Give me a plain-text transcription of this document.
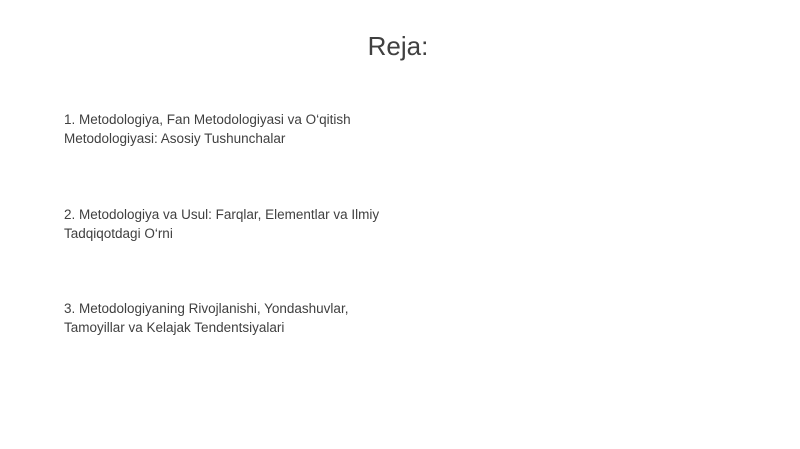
Reja:
1. Metodologiya, Fan Metodologiyasi va O‘qitish Metodologiyasi: Asosiy Tushunchalar
2. Metodologiya va Usul: Farqlar, Elementlar va Ilmiy Tadqiqotdagi O‘rni
3. Metodologiyaning Rivojlanishi, Yondashuvlar, Tamoyillar va Kelajak Tendentsiyalari
